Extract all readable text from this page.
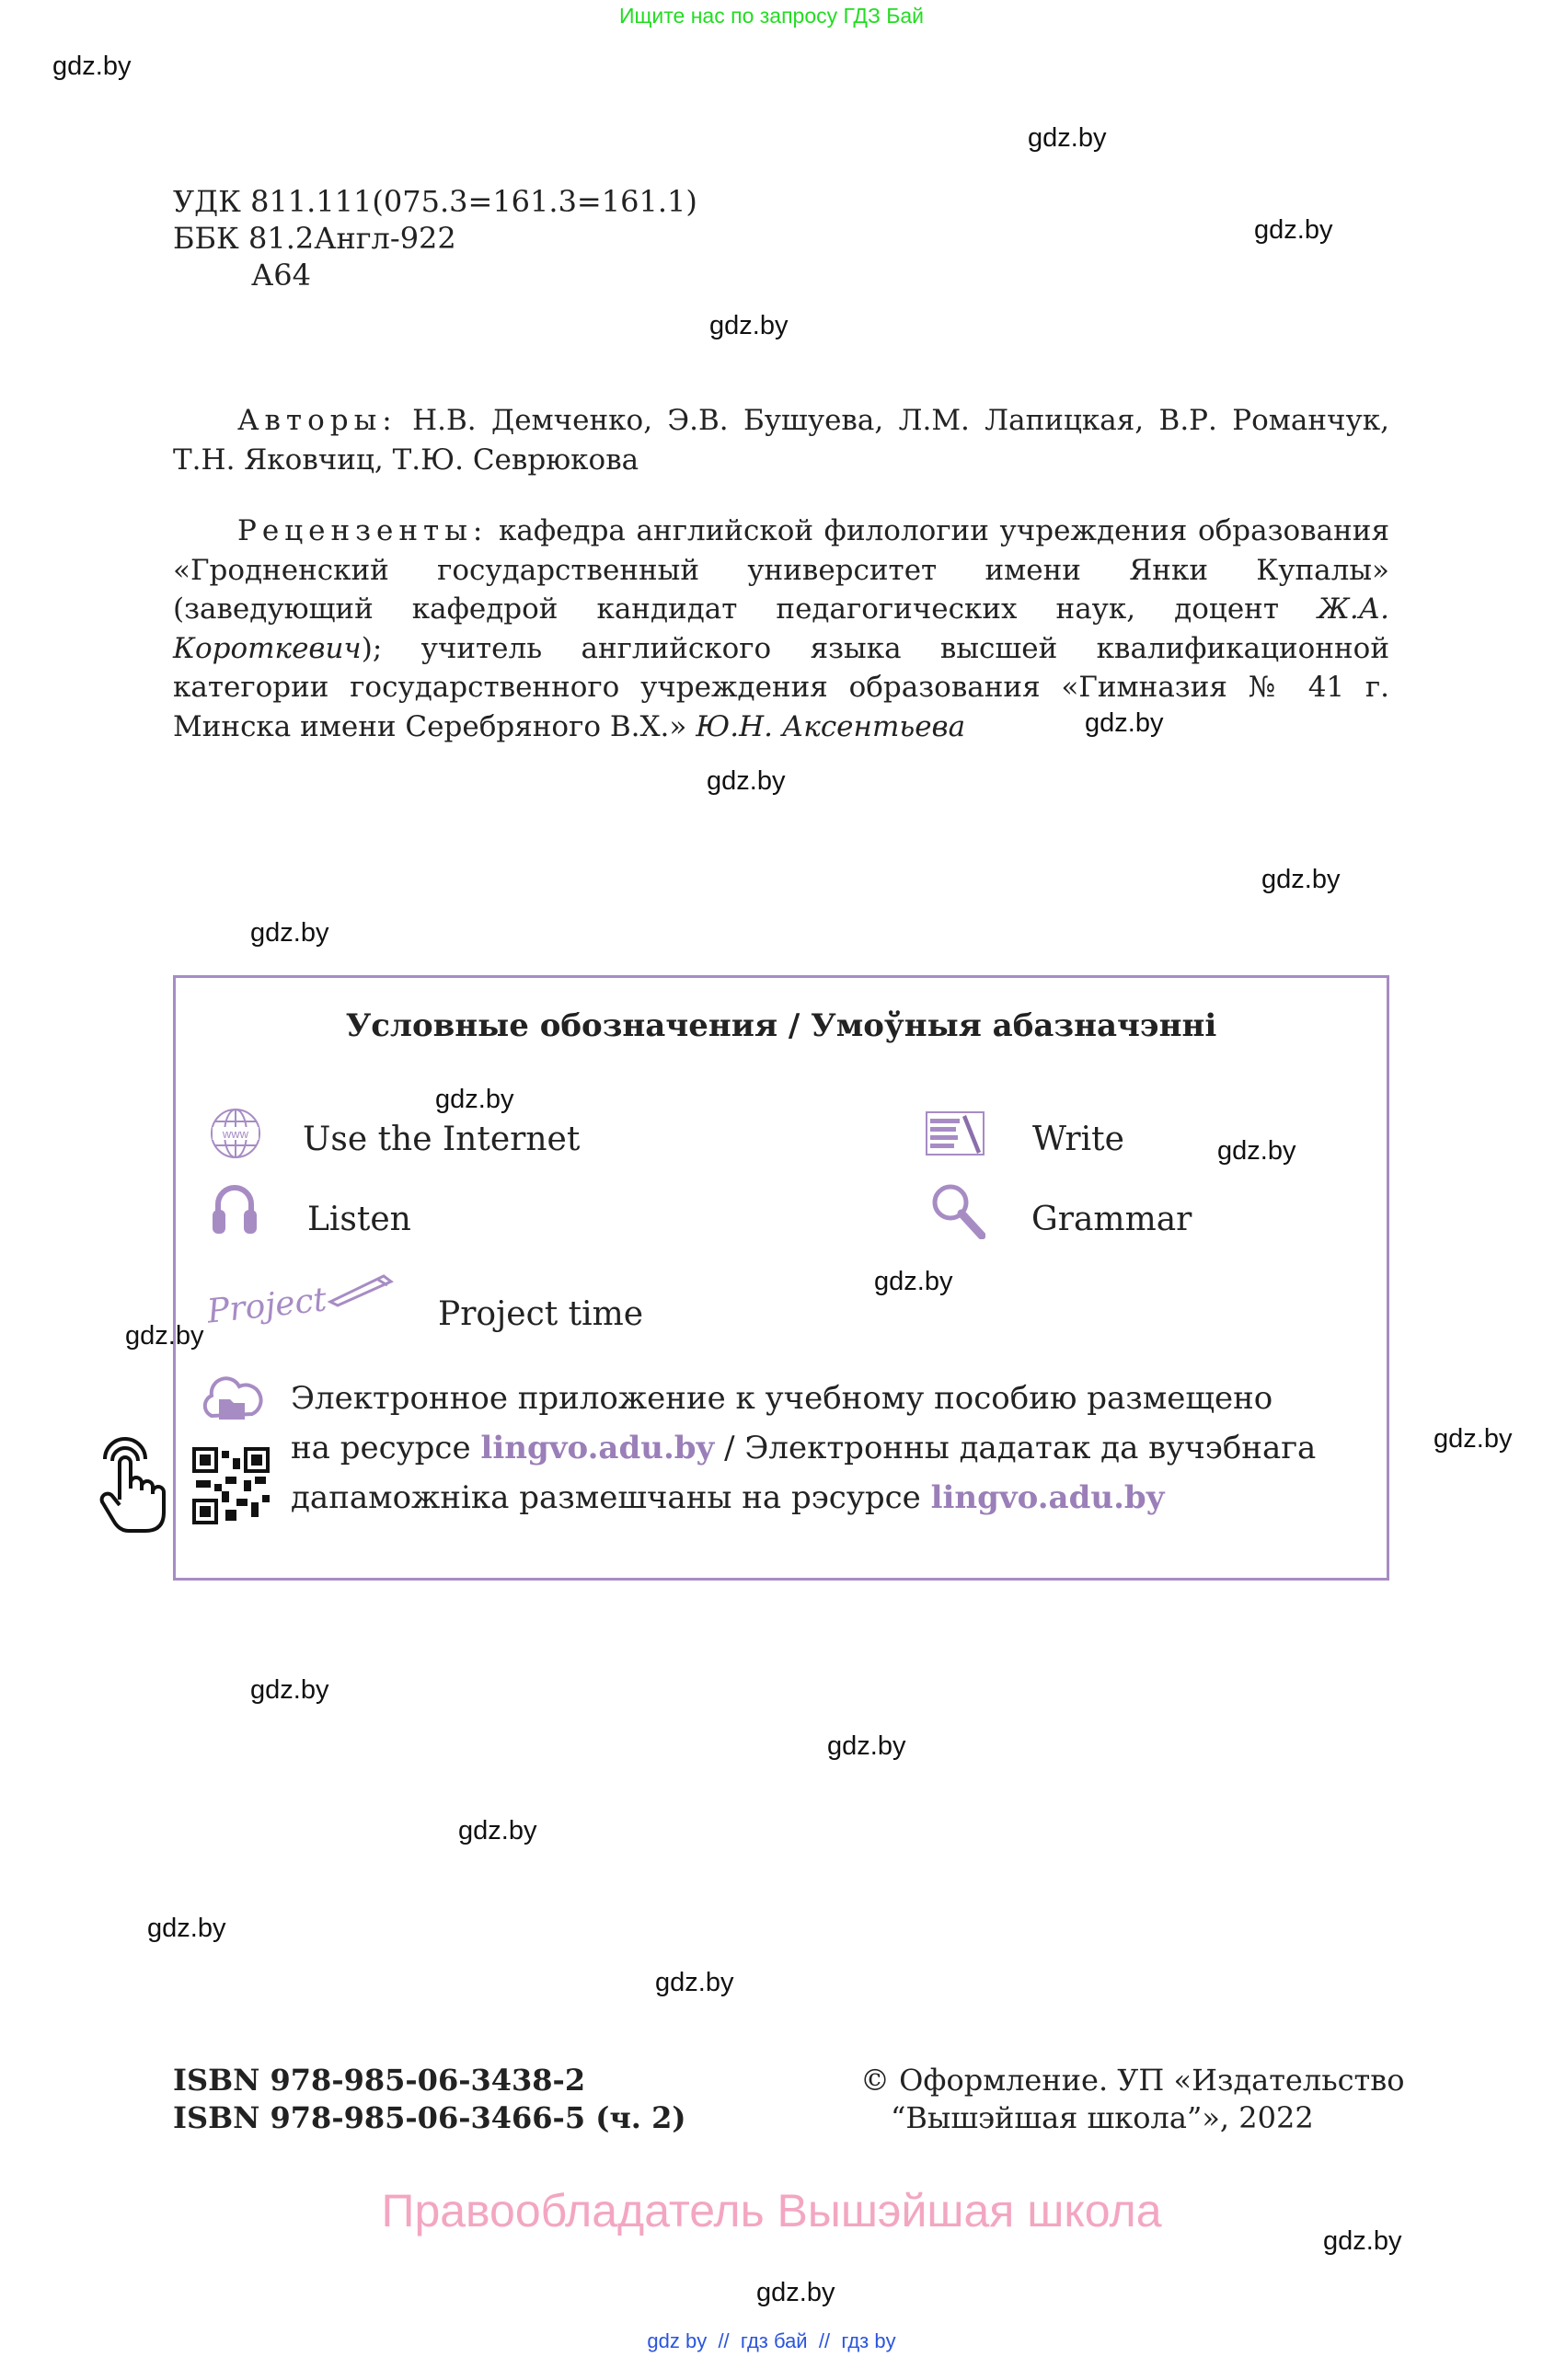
Ищите нас по запросу ГДЗ Бай
УДК 811.111(075.3=161.3=161.1)
ББК 81.2Англ-922
А64
Авторы: Н.В. Демченко, Э.В. Бушуева, Л.М. Лапицкая, В.Р. Романчук, Т.Н. Яковчиц, Т.Ю. Севрюкова
Рецензенты: кафедра английской филологии учреждения образования «Гродненский государственный университет имени Янки Купалы» (заведующий кафедрой кандидат педагогических наук, доцент Ж.А. Короткевич); учитель английского языка высшей квалификационной категории государственного учреждения образования «Гимназия № 41 г. Минска имени Серебряного В.Х.» Ю.Н. Аксентьева
Условные обозначения / Умоўныя абазначэнні
www Use the Internet
Listen
Write
Grammar
Project	Project time
Электронное приложение к учебному пособию размещено
на ресурсе lingvo.adu.by / Электронны дадатак да вучэбнага
дапаможніка размешчаны на рэсурсе lingvo.adu.by
ISBN 978-985-06-3438-2
ISBN 978-985-06-3466-5 (ч. 2)
© Оформление. УП «Издательство
“Вышэйшая школа”», 2022
Правообладатель Вышэйшая школа
gdz by // гдз бай // гдз by
gdz.by
gdz.by
gdz.by
gdz.by
gdz.by
gdz.by
gdz.by
gdz.by
gdz.by
gdz.by
gdz.by
gdz.by
gdz.by
gdz.by
gdz.by
gdz.by
gdz.by
gdz.by
gdz.by
gdz.by
